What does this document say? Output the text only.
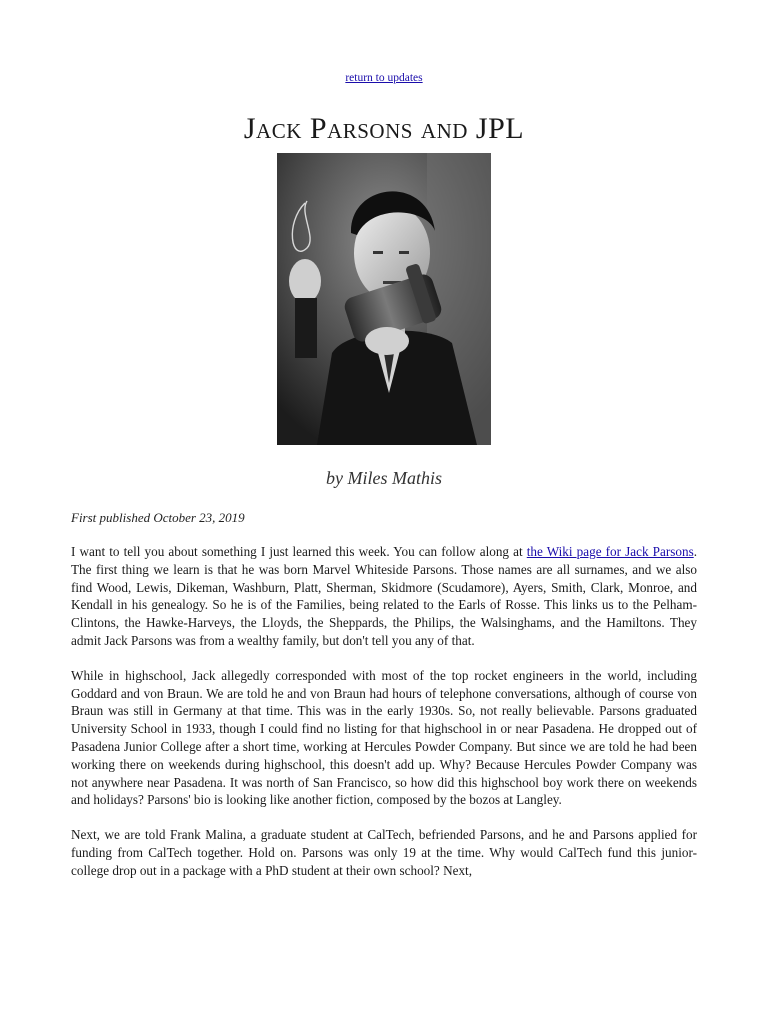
return to updates
Jack Parsons and JPL
by Miles Mathis
First published October 23, 2019

I want to tell you about something I just learned this week. You can follow along at the Wiki page for Jack Parsons. The first thing we learn is that he was born Marvel Whiteside Parsons. Those names are all surnames, and we also find Wood, Lewis, Dikeman, Washburn, Platt, Sherman, Skidmore (Scudamore), Ayers, Smith, Clark, Monroe, and Kendall in his genealogy. So he is of the Families, being related to the Earls of Rosse. This links us to the Pelham-Clintons, the Hawke-Harveys, the Lloyds, the Sheppards, the Philips, the Walsinghams, and the Hamiltons. They admit Jack Parsons was from a wealthy family, but don't tell you any of that.

While in highschool, Jack allegedly corresponded with most of the top rocket engineers in the world, including Goddard and von Braun. We are told he and von Braun had hours of telephone conversations, although of course von Braun was still in Germany at that time. This was in the early 1930s. So, not really believable. Parsons graduated University School in 1933, though I could find no listing for that highschool in or near Pasadena. He dropped out of Pasadena Junior College after a short time, working at Hercules Powder Company. But since we are told he had been working there on weekends during highschool, this doesn't add up. Why? Because Hercules Powder Company was not anywhere near Pasadena. It was north of San Francisco, so how did this highschool boy work there on weekends and holidays? Parsons' bio is looking like another fiction, composed by the bozos at Langley.

Next, we are told Frank Malina, a graduate student at CalTech, befriended Parsons, and he and Parsons applied for funding from CalTech together. Hold on. Parsons was only 19 at the time. Why would CalTech fund this junior-college drop out in a package with a PhD student at their own school? Next,
